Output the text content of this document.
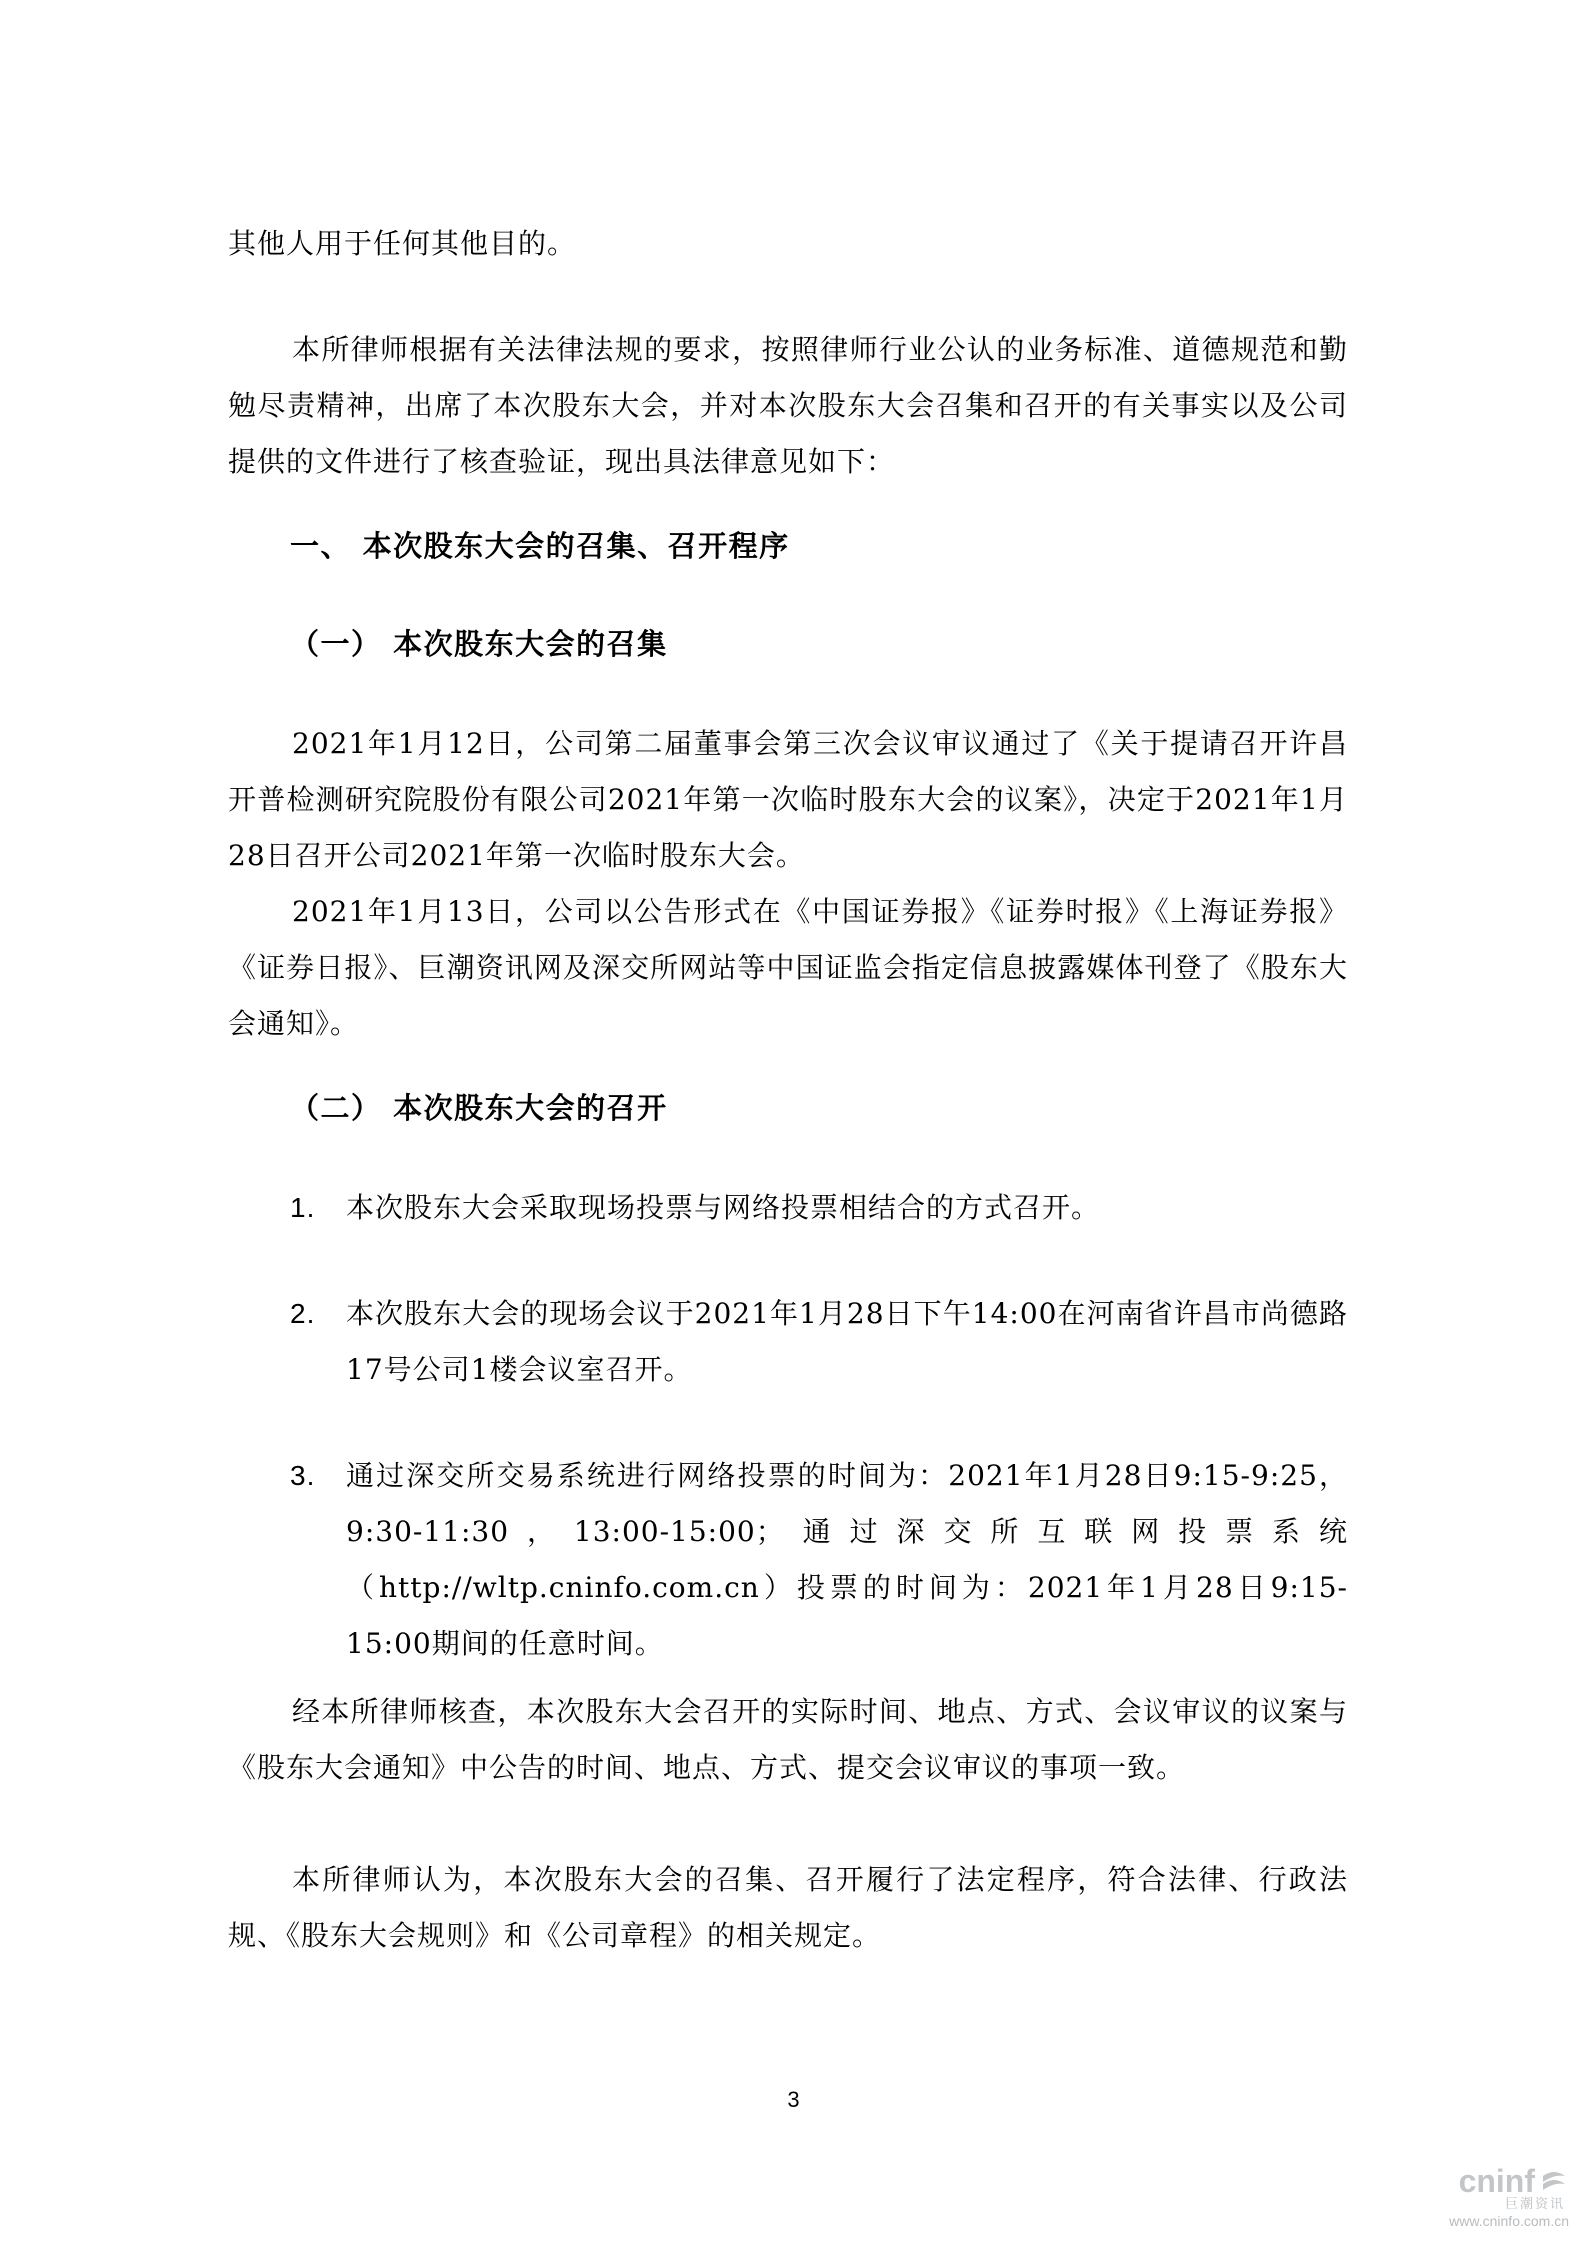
其他人用于任何其他目的。
本所律师根据有关法律法规的要求，按照律师行业公认的业务标准、道德规范和勤勉尽责精神，出席了本次股东大会，并对本次股东大会召集和召开的有关事实以及公司提供的文件进行了核查验证，现出具法律意见如下：
一、 本次股东大会的召集、召开程序
（一） 本次股东大会的召集
2021年1月12日，公司第二届董事会第三次会议审议通过了《关于提请召开许昌开普检测研究院股份有限公司2021年第一次临时股东大会的议案》，决定于2021年1月28日召开公司2021年第一次临时股东大会。
2021年1月13日，公司以公告形式在《中国证券报》《证券时报》《上海证券报》《证券日报》、巨潮资讯网及深交所网站等中国证监会指定信息披露媒体刊登了《股东大会通知》。
（二） 本次股东大会的召开
1. 本次股东大会采取现场投票与网络投票相结合的方式召开。
2. 本次股东大会的现场会议于2021年1月28日下午14:00在河南省许昌市尚德路17号公司1楼会议室召开。
3. 通过深交所交易系统进行网络投票的时间为：2021年1月28日9:15-9:25，9:30-11:30，13:00-15:00；通过深交所互联网投票系统（http://wltp.cninfo.com.cn）投票的时间为：2021年1月28日9:15-15:00期间的任意时间。
经本所律师核查，本次股东大会召开的实际时间、地点、方式、会议审议的议案与《股东大会通知》中公告的时间、地点、方式、提交会议审议的事项一致。
本所律师认为，本次股东大会的召集、召开履行了法定程序，符合法律、行政法规、《股东大会规则》和《公司章程》的相关规定。
3
cninf
巨潮资讯
www.cninfo.com.cn
